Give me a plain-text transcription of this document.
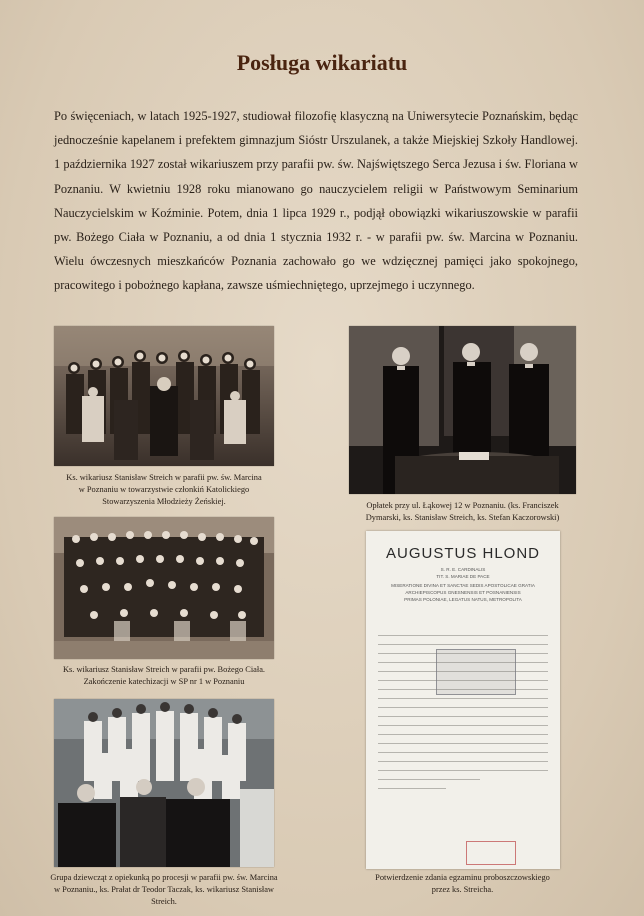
Posługa wikariatu
Po święceniach, w latach 1925-1927, studiował filozofię klasyczną na Uniwersytecie Poznańskim, będąc jednocześnie kapelanem i prefektem gimnazjum Sióstr Urszulanek, a także Miejskiej Szkoły Handlowej. 1 października 1927 został wikariuszem przy parafii pw. św. Najświętszego Serca Jezusa i św. Floriana w Poznaniu. W kwietniu 1928 roku mianowano go nauczycielem religii w Państwowym Seminarium Nauczycielskim w Koźminie. Potem, dnia 1 lipca 1929 r., podjął obowiązki wikariuszowskie w parafii pw. Bożego Ciała w Poznaniu, a od dnia 1 stycznia 1932 r. - w parafii pw. św. Marcina w Poznaniu. Wielu ówczesnych mieszkańców Poznania zachowało go we wdzięcznej pamięci jako spokojnego, pracowitego i pobożnego kapłana, zawsze uśmiechniętego, uprzejmego i uczynnego.
Ks. wikariusz Stanisław Streich w parafii pw. św. Marcina
w Poznaniu w towarzystwie członkiń Katolickiego
Stowarzyszenia Młodzieży Żeńskiej.	Opłatek przy ul. Łąkowej 12 w Poznaniu. (ks. Franciszek
Dymarski, ks. Stanisław Streich, ks. Stefan Kaczorowski)
Ks. wikariusz Stanisław Streich w parafii pw. Bożego Ciała.
Zakończenie katechizacji w SP nr 1 w Poznaniu
Grupa dziewcząt z opiekunką po procesji w parafii pw. św. Marcina
w Poznaniu., ks. Prałat dr Teodor Taczak, ks. wikariusz Stanisław Streich.
AUGUSTUS HLOND
S. R. E. CARDINALIS
TIT. S. MARIAE DE PACE
MISERATIONE DIVINA ET SANCTAE SEDIS APOSTOLICAE GRATIA
ARCHIEPISCOPUS GNESNENSIS ET POSNANIENSIS
PRIMAS POLONIAE, LEGATUS NATUS, METROPOLITA
Potwierdzenie zdania egzaminu proboszczowskiego
przez ks. Streicha.
